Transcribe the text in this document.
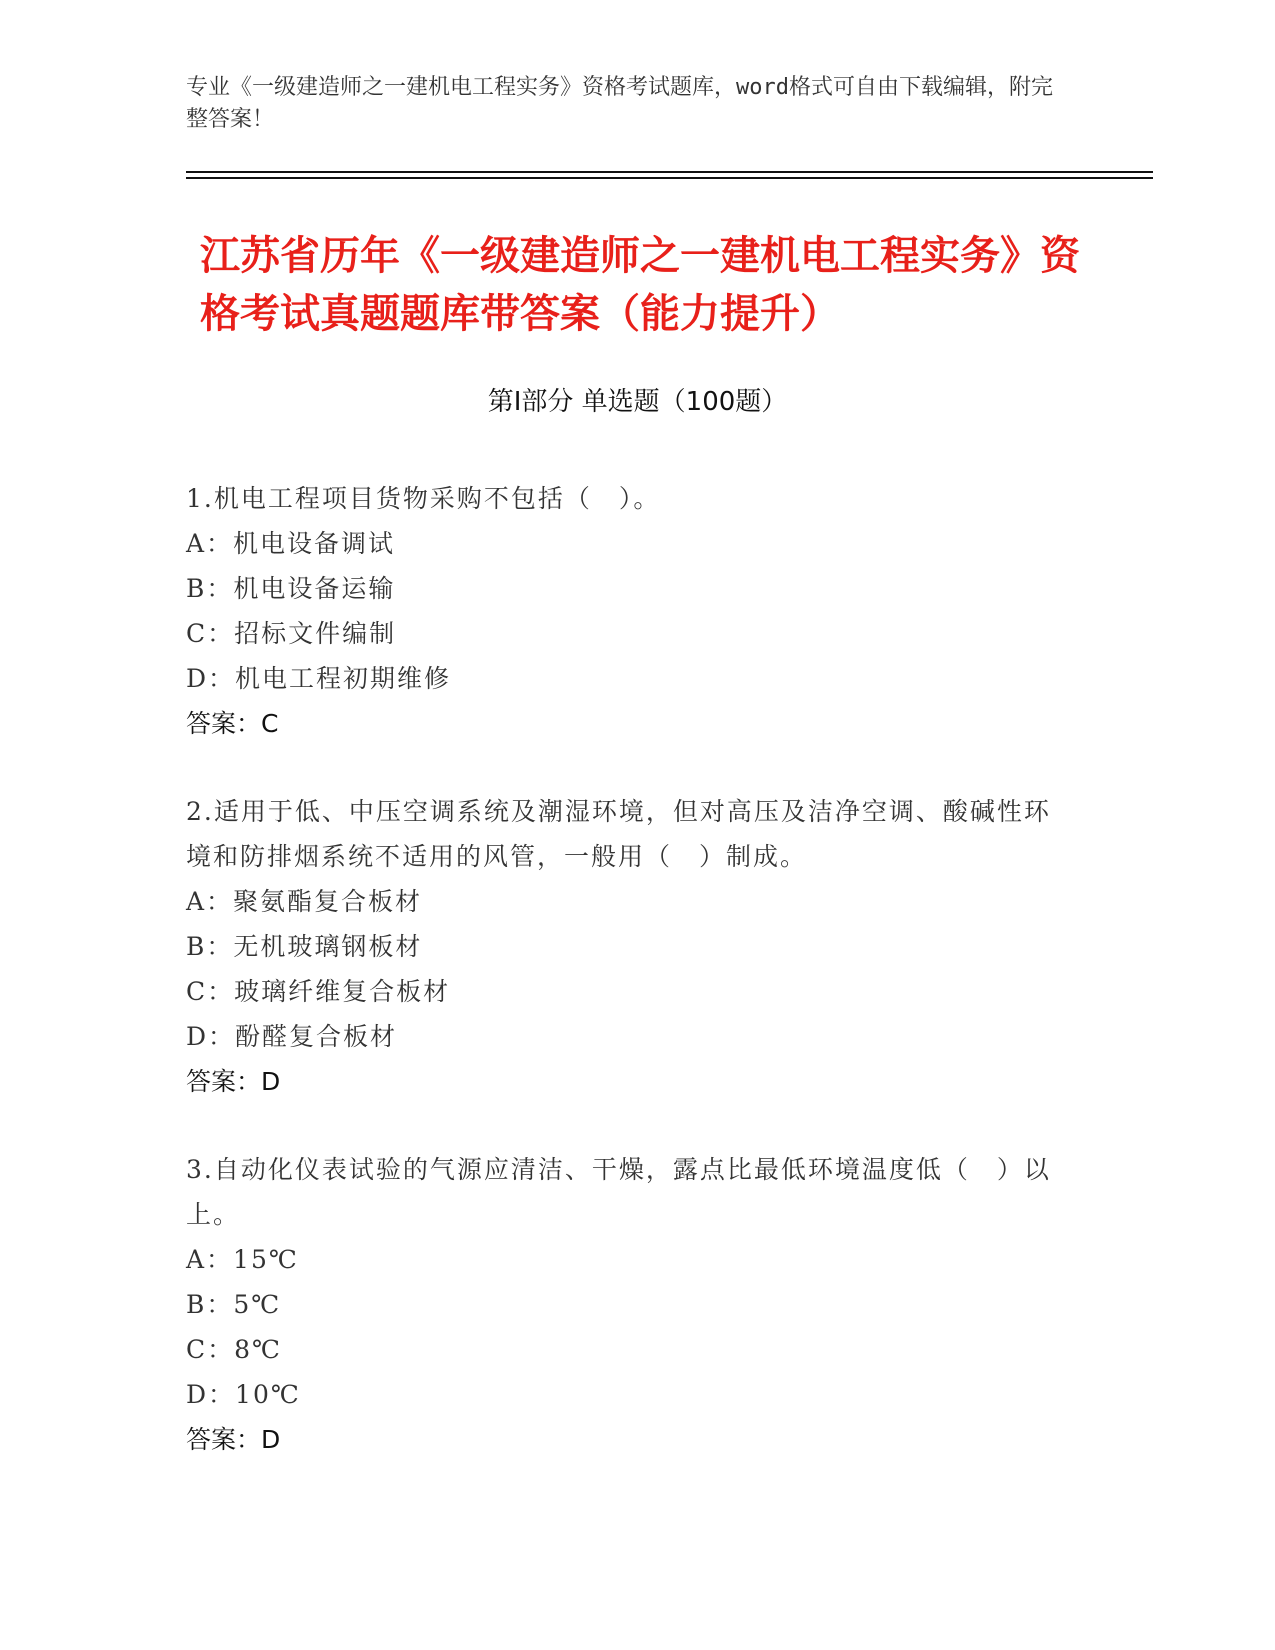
专业《一级建造师之一建机电工程实务》资格考试题库，word格式可自由下载编辑，附完整答案！
江苏省历年《一级建造师之一建机电工程实务》资格考试真题题库带答案（能力提升）
第I部分 单选题（100题）
1.机电工程项目货物采购不包括（　）。
A：机电设备调试
B：机电设备运输
C：招标文件编制
D：机电工程初期维修
答案：C
2.适用于低、中压空调系统及潮湿环境，但对高压及洁净空调、酸碱性环境和防排烟系统不适用的风管，一般用（　）制成。
A：聚氨酯复合板材
B：无机玻璃钢板材
C：玻璃纤维复合板材
D：酚醛复合板材
答案：D
3.自动化仪表试验的气源应清洁、干燥，露点比最低环境温度低（　）以上。
A：15℃
B：5℃
C：8℃
D：10℃
答案：D
